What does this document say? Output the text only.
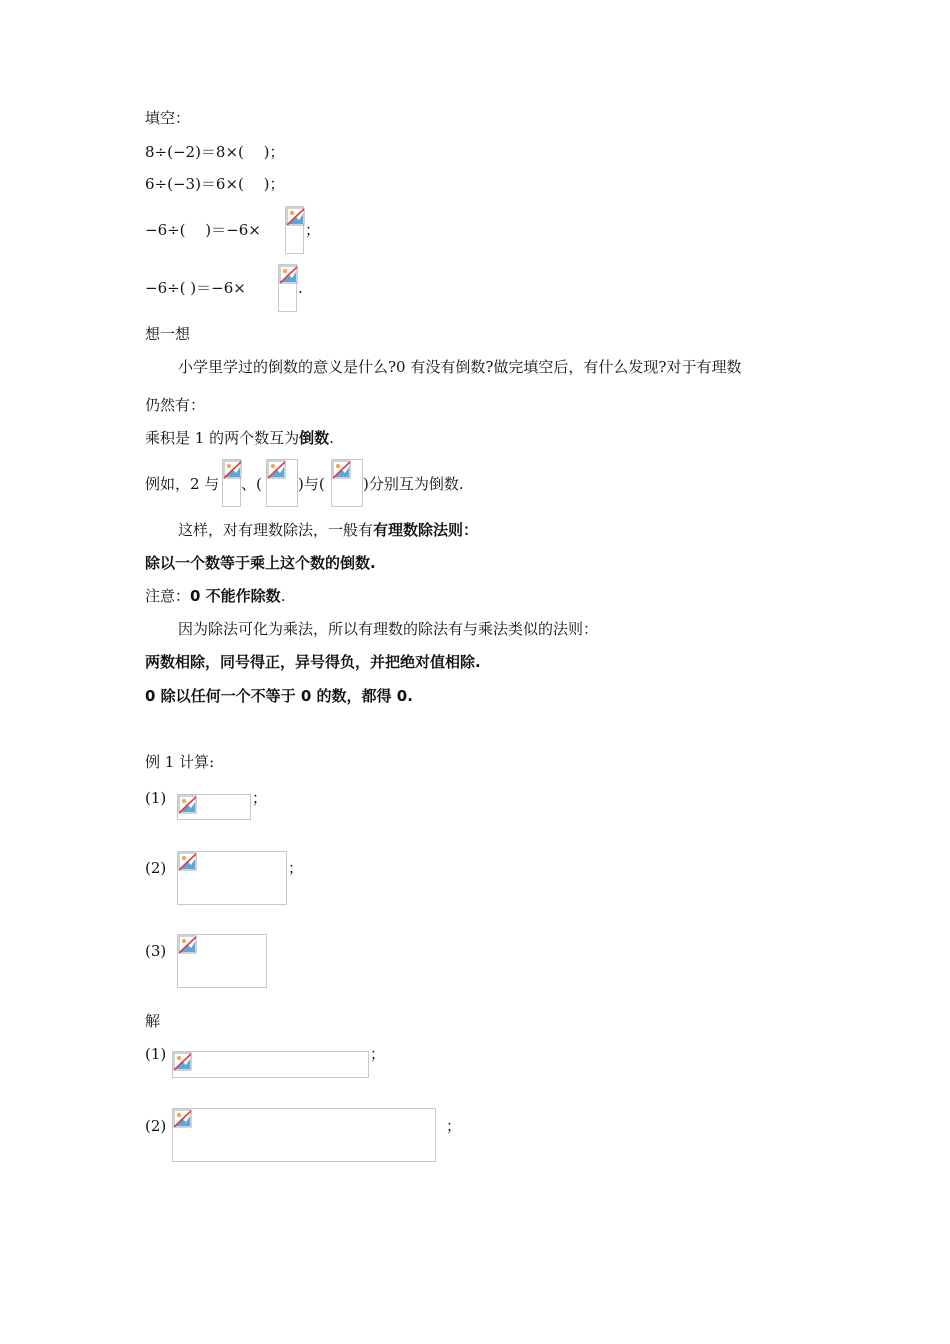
填空：
8÷(−2)＝8×(　 )；
6÷(−3)＝6×(　 )；
−6÷(　 )＝−6×	；
−6÷( )＝−6×	.
想一想
小学里学过的倒数的意义是什么?0 有没有倒数?做完填空后，有什么发现?对于有理数
仍然有：
乘积是 1 的两个数互为倒数.
例如，2 与 、( )与(	)分别互为倒数.
这样，对有理数除法，一般有有理数除法则：
除以一个数等于乘上这个数的倒数.
注意：0 不能作除数.
因为除法可化为乘法，所以有理数的除法有与乘法类似的法则：
两数相除，同号得正，异号得负，并把绝对值相除.
0 除以任何一个不等于 0 的数，都得 0.
例 1 计算:
(1)	；
(2)	；
(3)
解
(1)	；
(2)	；
